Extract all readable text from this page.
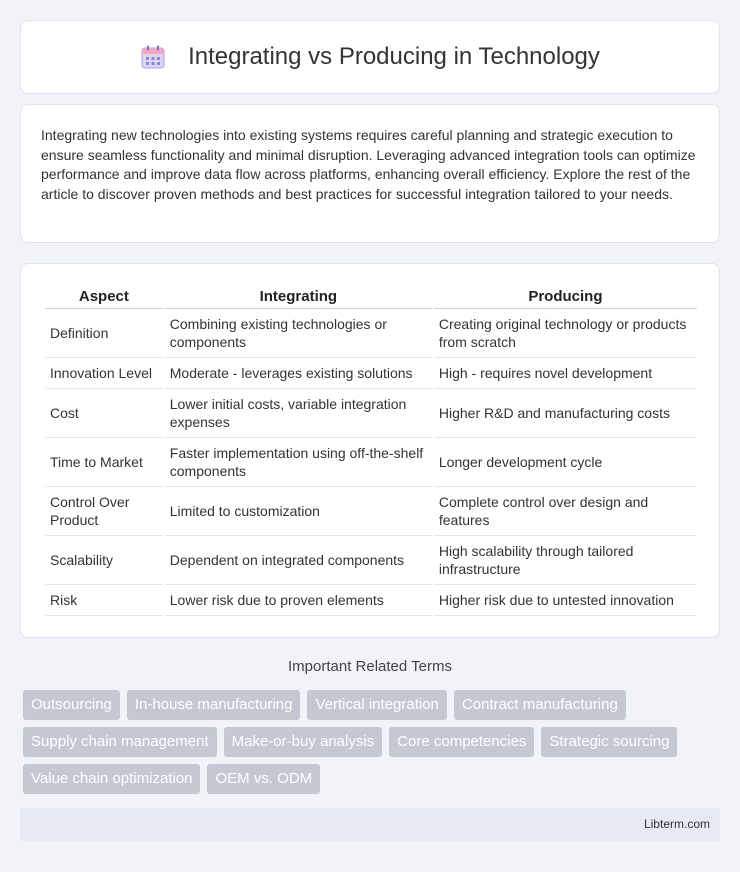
Integrating vs Producing in Technology

Integrating new technologies into existing systems requires careful planning and strategic execution to ensure seamless functionality and minimal disruption. Leveraging advanced integration tools can optimize performance and improve data flow across platforms, enhancing overall efficiency. Explore the rest of the article to discover proven methods and best practices for successful integration tailored to your needs.

Aspect	Integrating	Producing
Definition	Combining existing technologies or components	Creating original technology or products from scratch
Innovation Level	Moderate - leverages existing solutions	High - requires novel development
Cost	Lower initial costs, variable integration expenses	Higher R&D and manufacturing costs
Time to Market	Faster implementation using off-the-shelf components	Longer development cycle
Control Over Product	Limited to customization	Complete control over design and features
Scalability	Dependent on integrated components	High scalability through tailored infrastructure
Risk	Lower risk due to proven elements	Higher risk due to untested innovation
Important Related Terms
Outsourcing	In-house manufacturing	Vertical integration	Contract manufacturing
Supply chain management	Make-or-buy analysis	Core competencies	Strategic sourcing
Value chain optimization	OEM vs. ODM
Libterm.com
